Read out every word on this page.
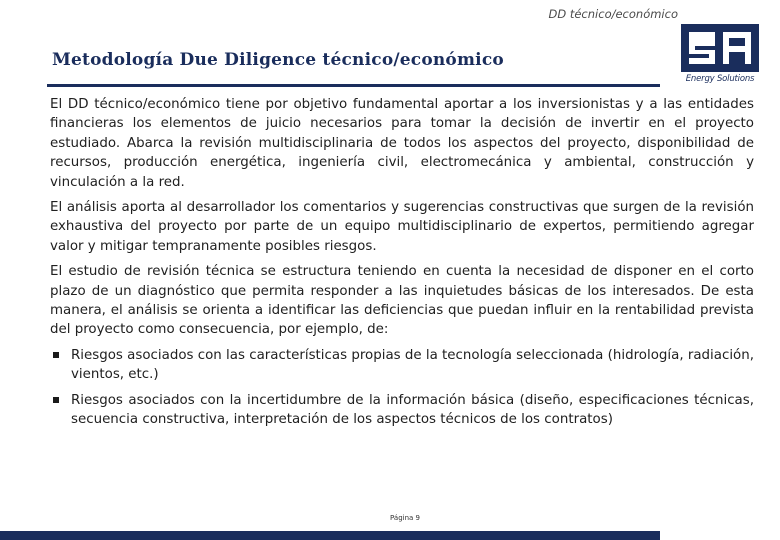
DD técnico/económico
Metodología Due Diligence técnico/económico
Energy Solutions

El DD técnico/económico tiene por objetivo fundamental aportar a los inversionistas y a las entidades financieras los elementos de juicio necesarios para tomar la decisión de invertir en el proyecto estudiado. Abarca la revisión multidisciplinaria de todos los aspectos del proyecto, disponibilidad de recursos, producción energética, ingeniería civil, electromecánica y ambiental, construcción y vinculación a la red.

El análisis aporta al desarrollador los comentarios y sugerencias constructivas que surgen de la revisión exhaustiva del proyecto por parte de un equipo multidisciplinario de expertos, permitiendo agregar valor y mitigar tempranamente posibles riesgos.

El estudio de revisión técnica se estructura teniendo en cuenta la necesidad de disponer en el corto plazo de un diagnóstico que permita responder a las inquietudes básicas de los interesados. De esta manera, el análisis se orienta a identificar las deficiencias que puedan influir en la rentabilidad prevista del proyecto como consecuencia, por ejemplo, de:

Riesgos asociados con las características propias de la tecnología seleccionada (hidrología, radiación, vientos, etc.)
Riesgos asociados con la incertidumbre de la información básica (diseño, especificaciones técnicas, secuencia constructiva, interpretación de los aspectos técnicos de los contratos)
Página 9
